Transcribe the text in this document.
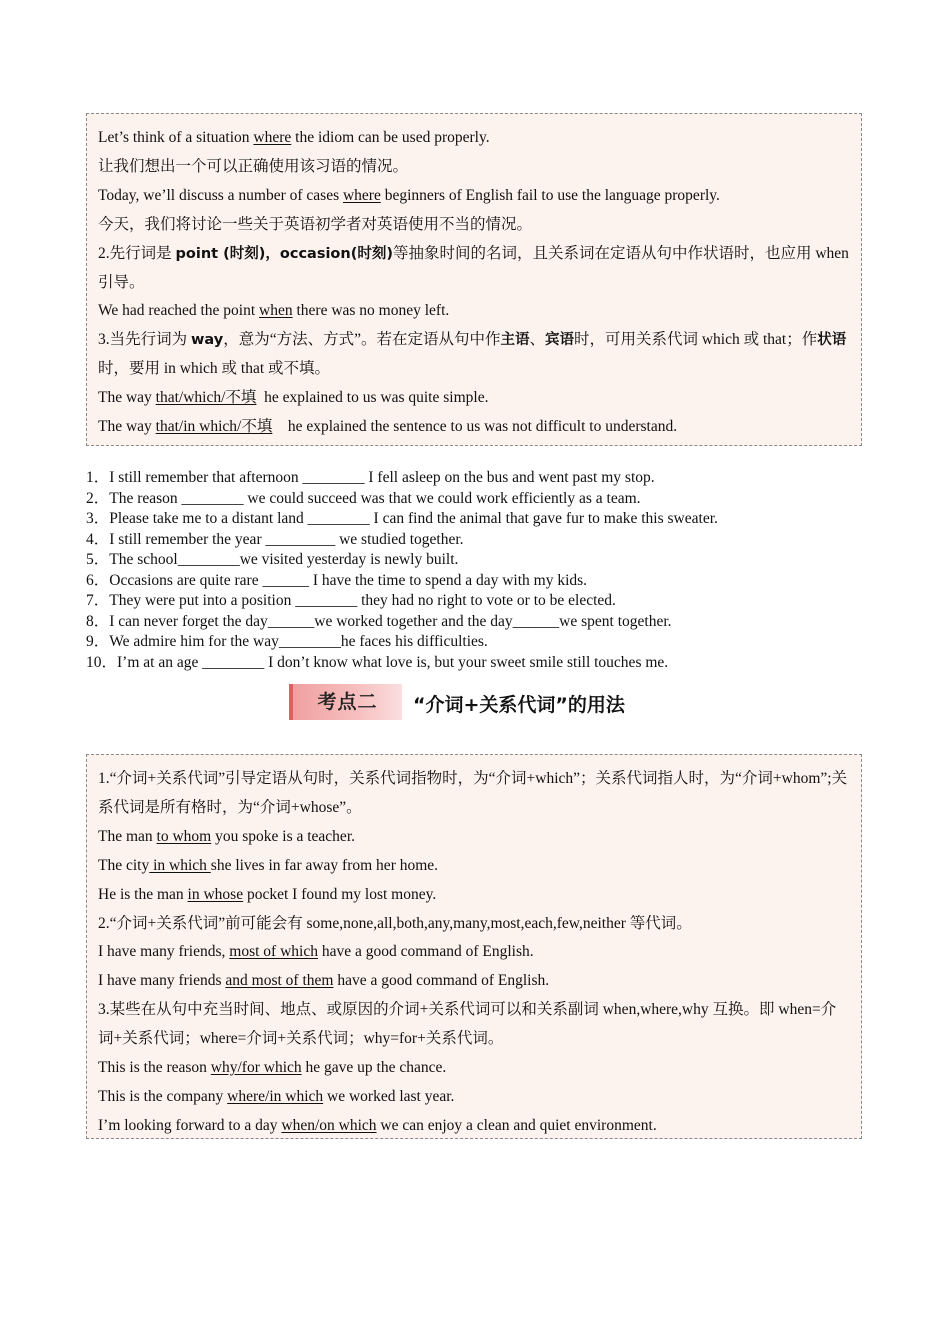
Let’s think of a situation where the idiom can be used properly.

让我们想出一个可以正确使用该习语的情况。

Today, we’ll discuss a number of cases where beginners of English fail to use the language properly.

今天，我们将讨论一些关于英语初学者对英语使用不当的情况。

2.先行词是 point (时刻)，occasion(时刻)等抽象时间的名词，且关系词在定语从句中作状语时，也应用 when 引导。

We had reached the point when there was no money left.

3.当先行词为 way，意为“方法、方式”。若在定语从句中作主语、宾语时，可用关系代词 which 或 that；作状语时，要用 in which 或 that 或不填。

The way that/which/不填  he explained to us was quite simple.

The way that/in which/不填    he explained the sentence to us was not difficult to understand.

1．I still remember that afternoon ________ I fell asleep on the bus and went past my stop.
2．The reason ________ we could succeed was that we could work efficiently as a team.
3．Please take me to a distant land ________ I can find the animal that gave fur to make this sweater.
4．I still remember the year _________ we studied together.
5．The school________we visited yesterday is newly built.
6．Occasions are quite rare ______ I have the time to spend a day with my kids.
7．They were put into a position ________ they had no right to vote or to be elected.
8．I can never forget the day______we worked together and the day______we spent together.
9．We admire him for the way________he faces his difficulties.
10．I’m at an age ________ I don’t know what love is, but your sweet smile still touches me.
考点二	“介词+关系代词”的用法

1.“介词+关系代词”引导定语从句时，关系代词指物时，为“介词+which”；关系代词指人时，为“介词+whom”;关系代词是所有格时，为“介词+whose”。

The man to whom you spoke is a teacher.

The city in which she lives in far away from her home.

He is the man in whose pocket I found my lost money.

2.“介词+关系代词”前可能会有 some,none,all,both,any,many,most,each,few,neither 等代词。

I have many friends, most of which have a good command of English.

I have many friends and most of them have a good command of English.

3.某些在从句中充当时间、地点、或原因的介词+关系代词可以和关系副词 when,where,why 互换。即 when=介词+关系代词；where=介词+关系代词；why=for+关系代词。

This is the reason why/for which he gave up the chance.

This is the company where/in which we worked last year.

I’m looking forward to a day when/on which we can enjoy a clean and quiet environment.
